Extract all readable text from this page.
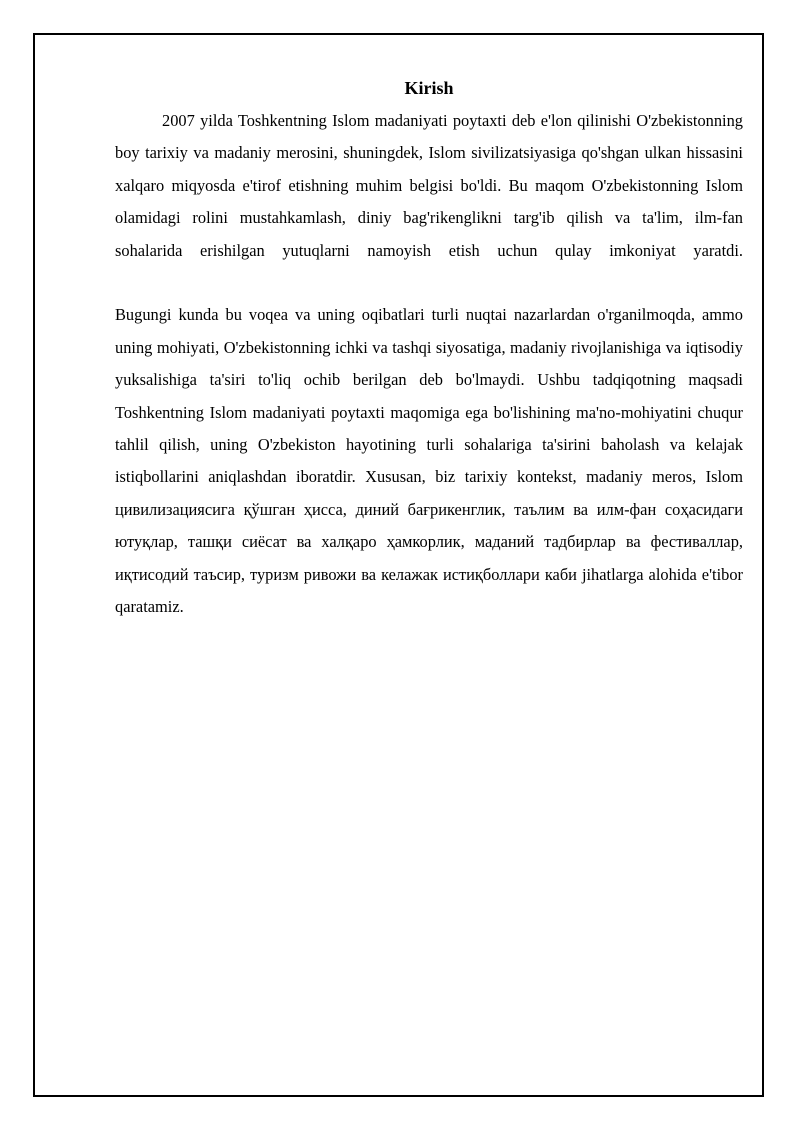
Kirish

2007 yilda Toshkentning Islom madaniyati poytaxti deb e'lon qilinishi O'zbekistonning boy tarixiy va madaniy merosini, shuningdek, Islom sivilizatsiyasiga qo'shgan ulkan hissasini xalqaro miqyosda e'tirof etishning muhim belgisi bo'ldi. Bu maqom O'zbekistonning Islom olamidagi rolini mustahkamlash, diniy bag'rikenglikni targ'ib qilish va ta'lim, ilm-fan sohalarida erishilgan yutuqlarni namoyish etish uchun qulay imkoniyat yaratdi.

Bugungi kunda bu voqea va uning oqibatlari turli nuqtai nazarlardan o'rganilmoqda, ammo uning mohiyati, O'zbekistonning ichki va tashqi siyosatiga, madaniy rivojlanishiga va iqtisodiy yuksalishiga ta'siri to'liq ochib berilgan deb bo'lmaydi. Ushbu tadqiqotning maqsadi Toshkentning Islom madaniyati poytaxti maqomiga ega bo'lishining ma'no-mohiyatini chuqur tahlil qilish, uning O'zbekiston hayotining turli sohalariga ta'sirini baholash va kelajak istiqbollarini aniqlashdan iboratdir. Xususan, biz tarixiy kontekst, madaniy meros, Islom цивилизациясига қўшган ҳисса, диний бағрикенглик, таълим ва илм-фан соҳасидаги ютуқлар, ташқи сиёсат ва халқаро ҳамкорлик, маданий тадбирлар ва фестиваллар, иқтисодий таъсир, туризм ривожи ва келажак истиқболлари каби jihatlarga alohida e'tibor qaratamiz.
